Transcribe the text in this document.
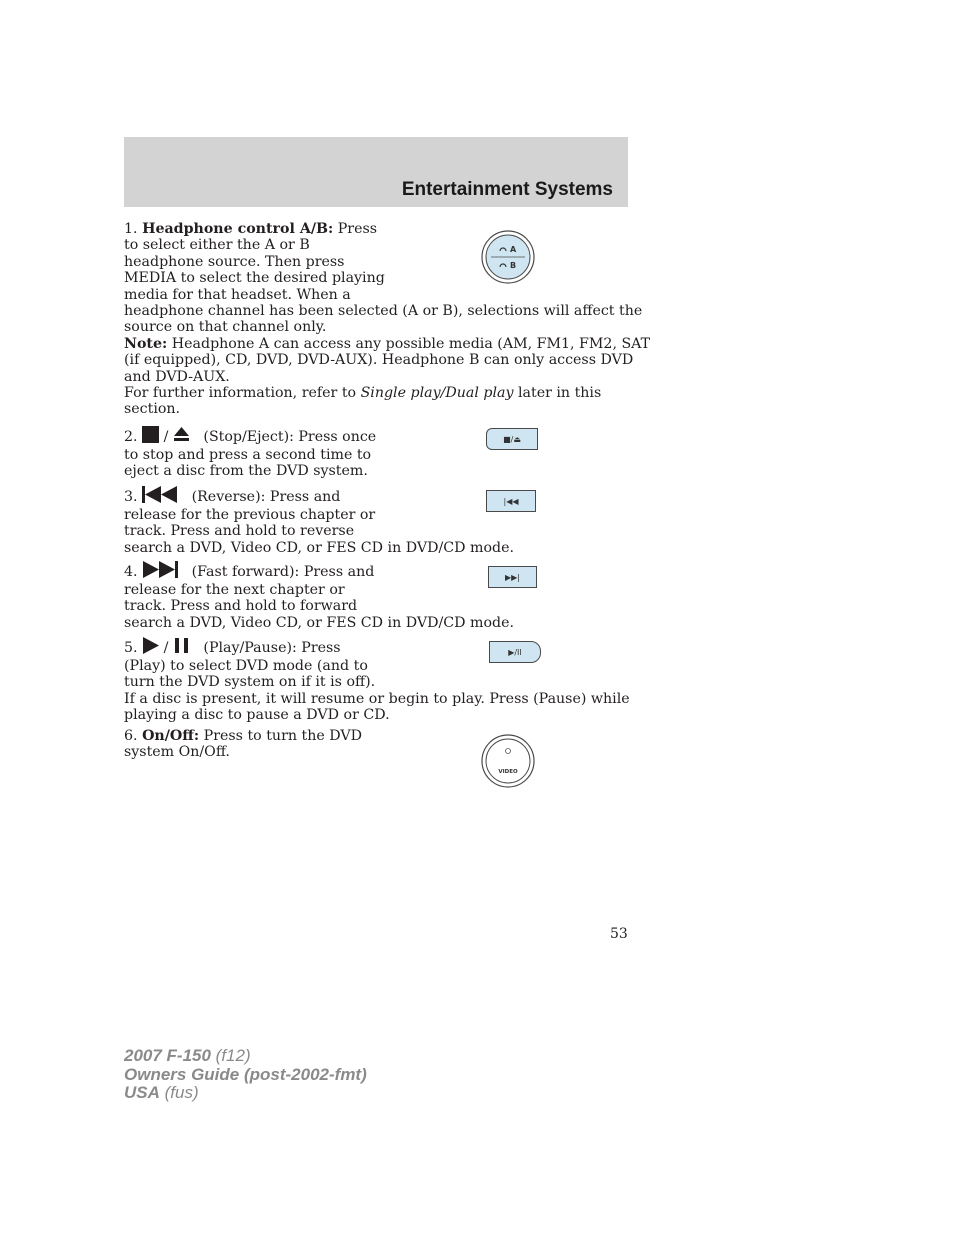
Entertainment Systems
1. Headphone control A/B: Press
to select either the A or B
headphone source. Then press
MEDIA to select the desired playing
media for that headset. When a
headphone channel has been selected (A or B), selections will affect the
source on that channel only.
Note: Headphone A can access any possible media (AM, FM1, FM2, SAT
(if equipped), CD, DVD, DVD-AUX). Headphone B can only access DVD
and DVD-AUX.
For further information, refer to Single play/Dual play later in this
section.
A
B
2. / (Stop/Eject): Press once
to stop and press a second time to
eject a disc from the DVD system.
■/⏏
3.	(Reverse): Press and
release for the previous chapter or
track. Press and hold to reverse
search a DVD, Video CD, or FES CD in DVD/CD mode.
|◀◀
4.	(Fast forward): Press and
release for the next chapter or
track. Press and hold to forward
search a DVD, Video CD, or FES CD in DVD/CD mode.
▶▶|
5. / (Play/Pause): Press
(Play) to select DVD mode (and to
turn the DVD system on if it is off).
If a disc is present, it will resume or begin to play. Press (Pause) while
playing a disc to pause a DVD or CD.
▶/II
6. On/Off: Press to turn the DVD
system On/Off.
VIDEO

53

2007 F-150 (f12)
Owners Guide (post-2002-fmt)
USA (fus)
